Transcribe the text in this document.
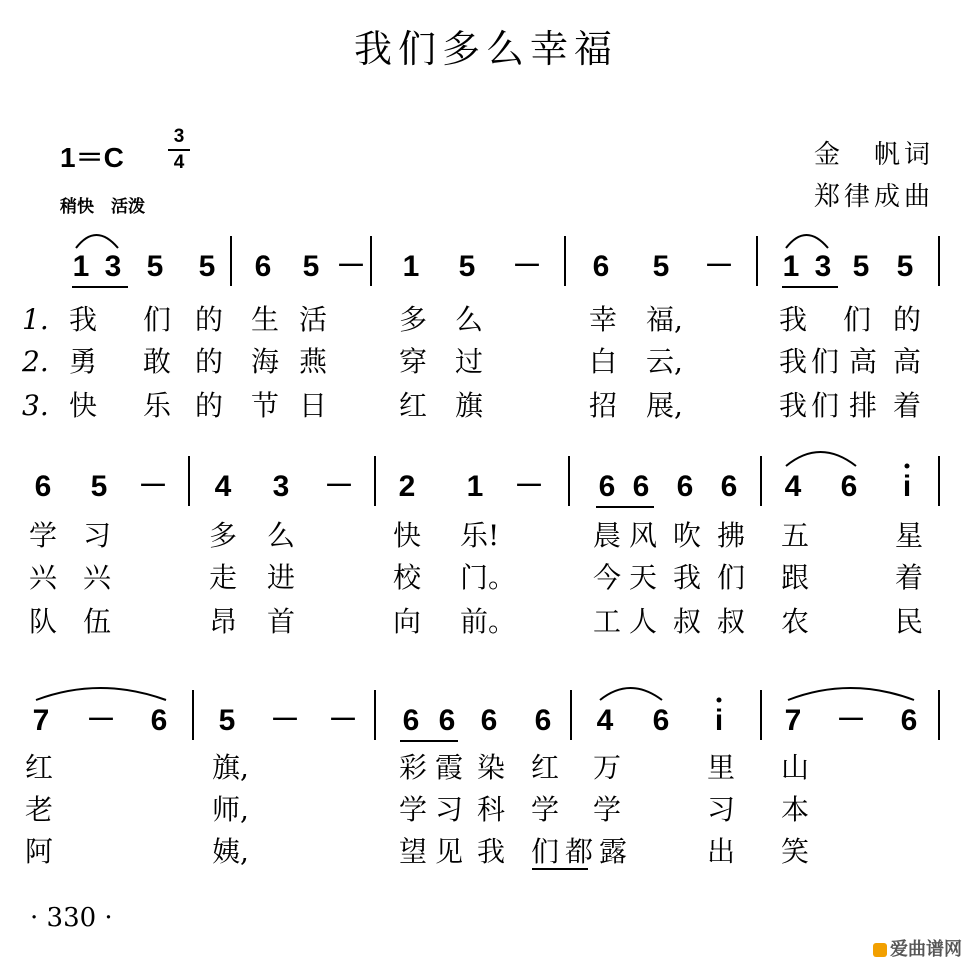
我们多么幸福
1＝C
3
4
稍快　活泼
金　帆词
郑律成曲
1 3 5 5 6 5 － 1 5 － 6 5 － 1 3 5 5
1.
2.
3.
我 们 的 生 活	多 么	幸 福,	我 们 的
勇 敢 的 海 燕	穿 过	白 云,	我 们 高 高
快 乐 的 节 日	红 旗	招 展,	我 们 排 着
6 5 － 4 3 － 2 1 － 6 6 6 6 4 6	i
学 习	多 么	快 乐!	晨 风 吹 拂 五	星
兴 兴	走 进	校 门。	今 天 我 们 跟	着
队 伍	昂 首	向 前。	工 人 叔 叔 农	民
7 － 6 5 － － 6 6 6 6 4 6	i	7 － 6
红	旗,	彩 霞 染 红 万	里 山
老	师,	学 习 科 学 学	习 本
阿	姨,	望 见 我 们 都 露	出 笑
· 330 ·
爱曲谱网
